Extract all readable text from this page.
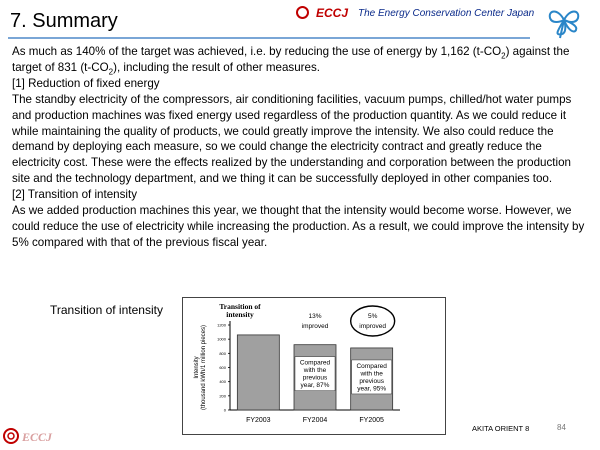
7. Summary	ECCJ The Energy Conservation Center Japan

As much as 140% of the target was achieved, i.e. by reducing the use of energy by 1,162 $(t-CO_2)$ against the target of 831 $(t-CO_2)$, including the result of other measures.

[1] Reduction of fixed energy

The standby electricity of the compressors, air conditioning facilities, vacuum pumps, chilled/hot water pumps and production machines was fixed energy used regardless of the production quantity. As we could reduce it while maintaining the quality of products, we could greatly improve the intensity. We also could reduce the demand by deploying each measure, so we could change the electricity contract and greatly reduce the electricity cost. These were the effects realized by the understanding and corporation between the production site and the technology department, and we thing it can be successfully deployed in other companies too.

[2] Transition of intensity

As we added production machines this year, we thought that the intensity would become worse. However, we could reduce the use of electricity while increasing the production. As a result, we could improve the intensity by 5% compared with that of the previous fiscal year.

Transition of intensity
0
200
400
600
800
1000
1200
Intensity(thousand kWh/1 million pieces)
Transition of intensity
FY2003	FY2004
Compared with the previous year, 87%
FY2005
Compared with the previous year, 95%
13% improved
5% improved
AKITA ORIENT 8	84
ECCJ
